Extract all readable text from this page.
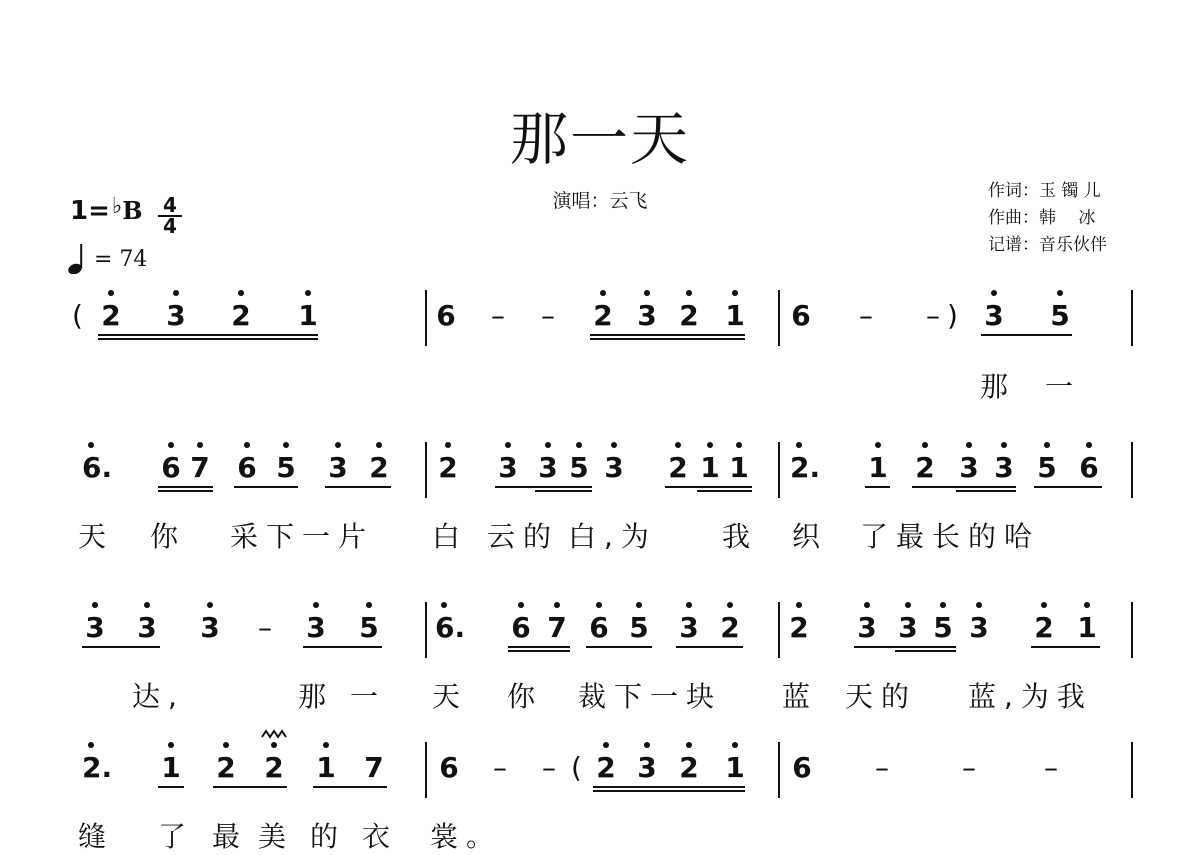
那一天
演唱：云飞	作词：玉 镯 儿
作曲：韩　 冰
记谱：音乐伙伴
$1=^♭B \frac{4}{4}$
= 74
( 2 3 2 1	6 – – 2 3 2 1 6 – – ) 3 5
那 一
6. 6 7 6 5 3 2 2 3 3 5 3 2 1 1 2. 1 2 3 3 5 6
天 你 采下一片 白 云的 白,为 我 织 了最长的哈
3 3 3 – 3 5 6. 6 7 6 5 3 2 2 3 3 5 3 2 1
达,	那 一 天 你 裁下一块 蓝 天的 蓝,为我
2. 1 2 2 1 7 6 – – ( 2 3 2 1 6 –	– –
缝 了 最 美 的 衣 裳。
